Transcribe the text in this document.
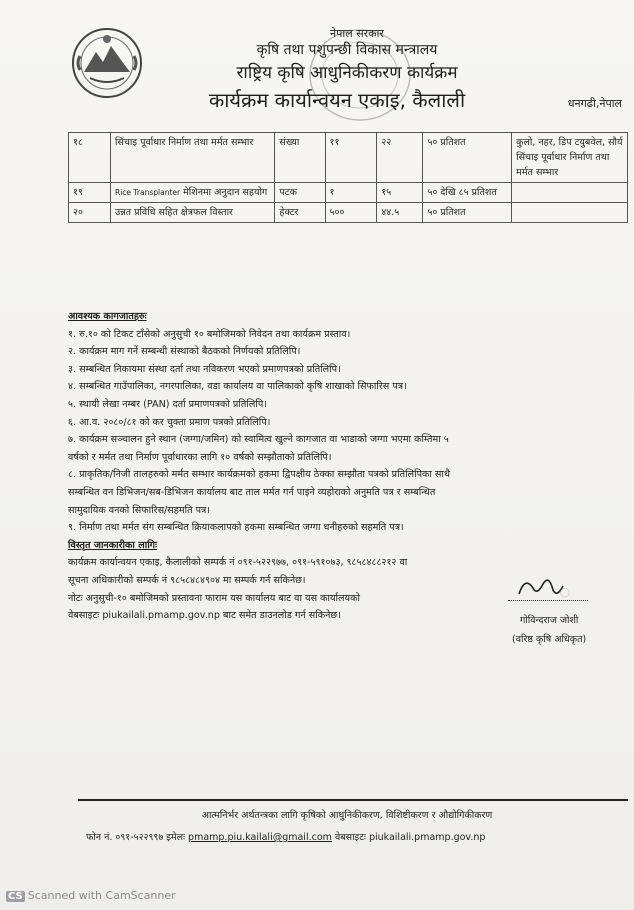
नेपाल सरकार
कृषि तथा पशुपन्छी विकास मन्त्रालय
राष्ट्रिय कृषि आधुनिकीकरण कार्यक्रम
कार्यक्रम कार्यान्वयन एकाइ, कैलाली	धनगढी,नेपाल
१८	सिंचाइ पूर्वाधार निर्माण तथा मर्मत सम्भार	संख्या	११	२२	५० प्रतिशत	कुलो, नहर, डिप टयुबवेल, सौर्य सिंचाइ पूर्वाधार निर्माण तथा मर्मत सम्भार
१९	Rice Transplanter मेशिनमा अनुदान सहयोग	पटक	१	१५	५० देखि ८५ प्रतिशत	
२०	उन्नत प्रविधि सहित क्षेत्रफल विस्तार	हेक्टर	५००	४४.५	५० प्रतिशत	

आवश्यक कागजातहरुः

१. रु.१० को टिकट टाँसेको अनुसुची १० बमोजिमको निवेदन तथा कार्यक्रम प्रस्ताव।

२. कार्यक्रम माग गर्ने सम्बन्धी संस्थाको बैठकको निर्णयको प्रतिलिपि।

३. सम्बन्धित निकायमा संस्था दर्ता तथा नविकरण भएको प्रमाणपत्रको प्रतिलिपि।

४. सम्बन्धित गाउँपालिका, नगरपालिका, वडा कार्यालय वा पालिकाको कृषि शाखाको सिफारिस पत्र।

५. स्थायी लेखा नम्बर (PAN) दर्ता प्रमाणपत्रको प्रतिलिपि।

६. आ.व. २०८०/८१ को कर चुक्ता प्रमाण पत्रको प्रतिलिपि।

७. कार्यक्रम सञ्चालन हुने स्थान (जग्गा/जमिन) को स्वामित्व खुल्ने कागजात वा भाडाको जग्गा भएमा कम्तिमा ५

वर्षको र मर्मत तथा निर्माण पूर्वाधारका लागि १० वर्षको सम्झौताको प्रतिलिपि।

८. प्राकृतिक/निजी तालहरुको मर्मत सम्भार कार्यक्रमको हकमा द्विपक्षीय ठेक्का सम्झौता पत्रको प्रतिलिपिका साथै

सम्बन्धित वन डिभिजन/सब-डिभिजन कार्यालय बाट ताल मर्मत गर्न पाइने व्यहोराको अनुमति पत्र र सम्बन्धित

सामुदायिक वनको सिफारिस/सहमति पत्र।

९. निर्माण तथा मर्मत संग सम्बन्धित क्रियाकलापको हकमा सम्बन्धित जग्गा धनीहरुको सहमति पत्र।

विस्तृत जानकारीका लागिः

कार्यक्रम कार्यान्वयन एकाइ, कैलालीको सम्पर्क नं ०९१-५२२९७७, ०९१-५९१०७३, ९८५८४८८२१२ वा

सूचना अधिकारीको सम्पर्क नं ९८५८४८४९०४ मा सम्पर्क गर्न सकिनेछ।

नोटः अनुसुची-१० बमोजिमको प्रस्तावना फाराम यस कार्यालय बाट वा यस कार्यालयको

वेबसाइटः piukailali.pmamp.gov.np बाट समेत डाउनलोड गर्न सकिनेछ।

◯
गोविन्दराज जोशी
(वरिष्ठ कृषि अधिकृत)
आत्मनिर्भर अर्थतन्त्रका लागि कृषिको आधुनिकीकरण, विशिष्टीकरण र औद्योगिकीकरण
फोन नं. ०९१-५२२९९७ इमेलः pmamp.piu.kailali@gmail.com वेबसाइटः piukailali.pmamp.gov.np
CS Scanned with CamScanner
